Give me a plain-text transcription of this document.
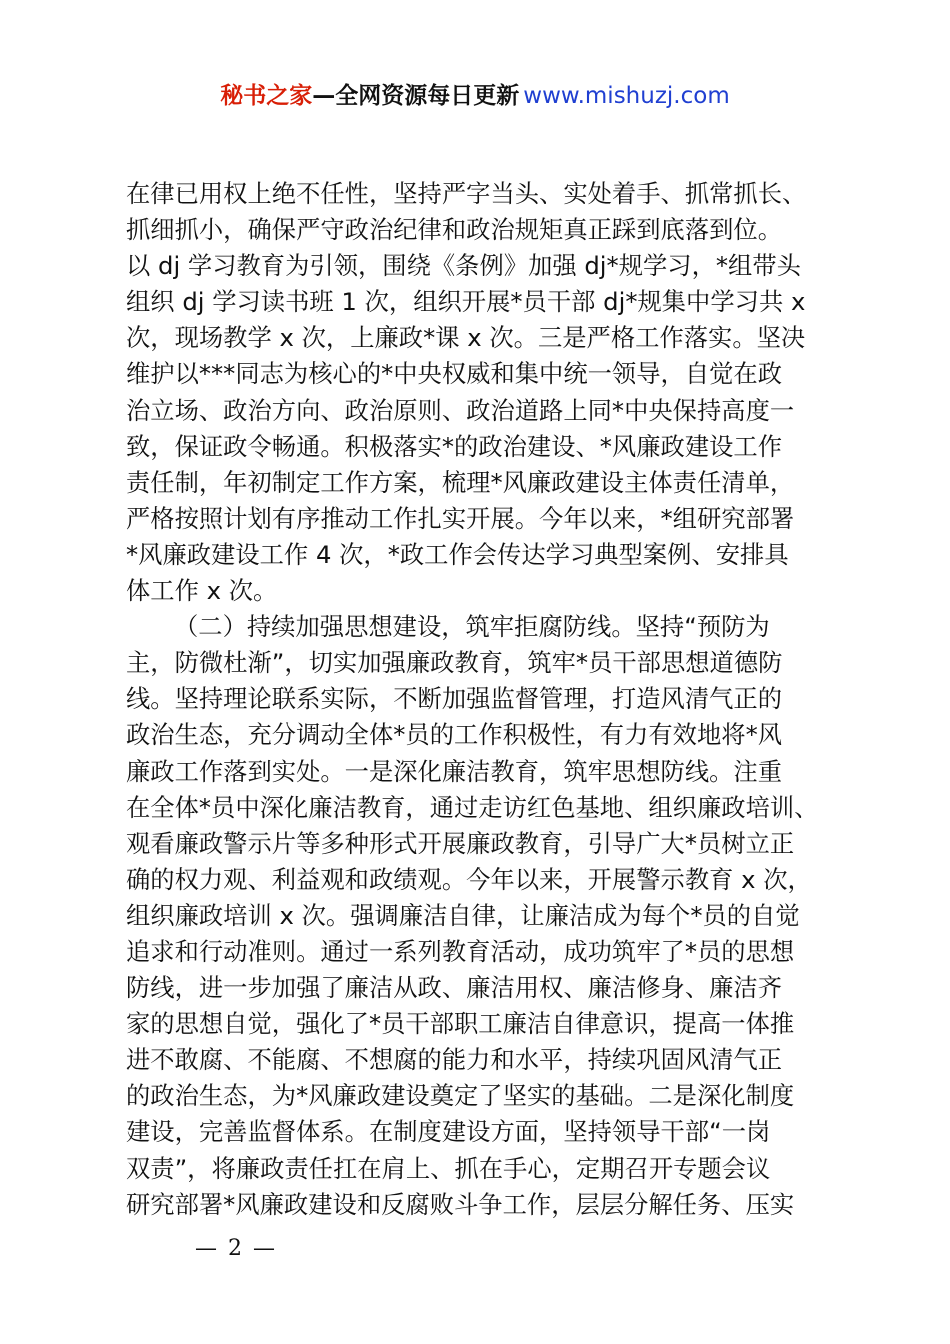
秘书之家—全网资源每日更新 www.mishuzj.com
在律已用权上绝不任性，坚持严字当头、实处着手、抓常抓长、
抓细抓小，确保严守政治纪律和政治规矩真正踩到底落到位。
以 dj 学习教育为引领，围绕《条例》加强 dj*规学习，*组带头
组织 dj 学习读书班 1 次，组织开展*员干部 dj*规集中学习共 x
次，现场教学 x 次，上廉政*课 x 次。三是严格工作落实。坚决
维护以***同志为核心的*中央权威和集中统一领导，自觉在政
治立场、政治方向、政治原则、政治道路上同*中央保持高度一
致，保证政令畅通。积极落实*的政治建设、*风廉政建设工作
责任制，年初制定工作方案，梳理*风廉政建设主体责任清单，
严格按照计划有序推动工作扎实开展。今年以来，*组研究部署
*风廉政建设工作 4 次，*政工作会传达学习典型案例、安排具
体工作 x 次。
（二）持续加强思想建设，筑牢拒腐防线。坚持“预防为
主，防微杜渐”，切实加强廉政教育，筑牢*员干部思想道德防
线。坚持理论联系实际，不断加强监督管理，打造风清气正的
政治生态，充分调动全体*员的工作积极性，有力有效地将*风
廉政工作落到实处。一是深化廉洁教育，筑牢思想防线。注重
在全体*员中深化廉洁教育，通过走访红色基地、组织廉政培训、
观看廉政警示片等多种形式开展廉政教育，引导广大*员树立正
确的权力观、利益观和政绩观。今年以来，开展警示教育 x 次，
组织廉政培训 x 次。强调廉洁自律，让廉洁成为每个*员的自觉
追求和行动准则。通过一系列教育活动，成功筑牢了*员的思想
防线，进一步加强了廉洁从政、廉洁用权、廉洁修身、廉洁齐
家的思想自觉，强化了*员干部职工廉洁自律意识，提高一体推
进不敢腐、不能腐、不想腐的能力和水平，持续巩固风清气正
的政治生态，为*风廉政建设奠定了坚实的基础。二是深化制度
建设，完善监督体系。在制度建设方面，坚持领导干部“一岗
双责”，将廉政责任扛在肩上、抓在手心，定期召开专题会议
研究部署*风廉政建设和反腐败斗争工作，层层分解任务、压实
— 2 —
